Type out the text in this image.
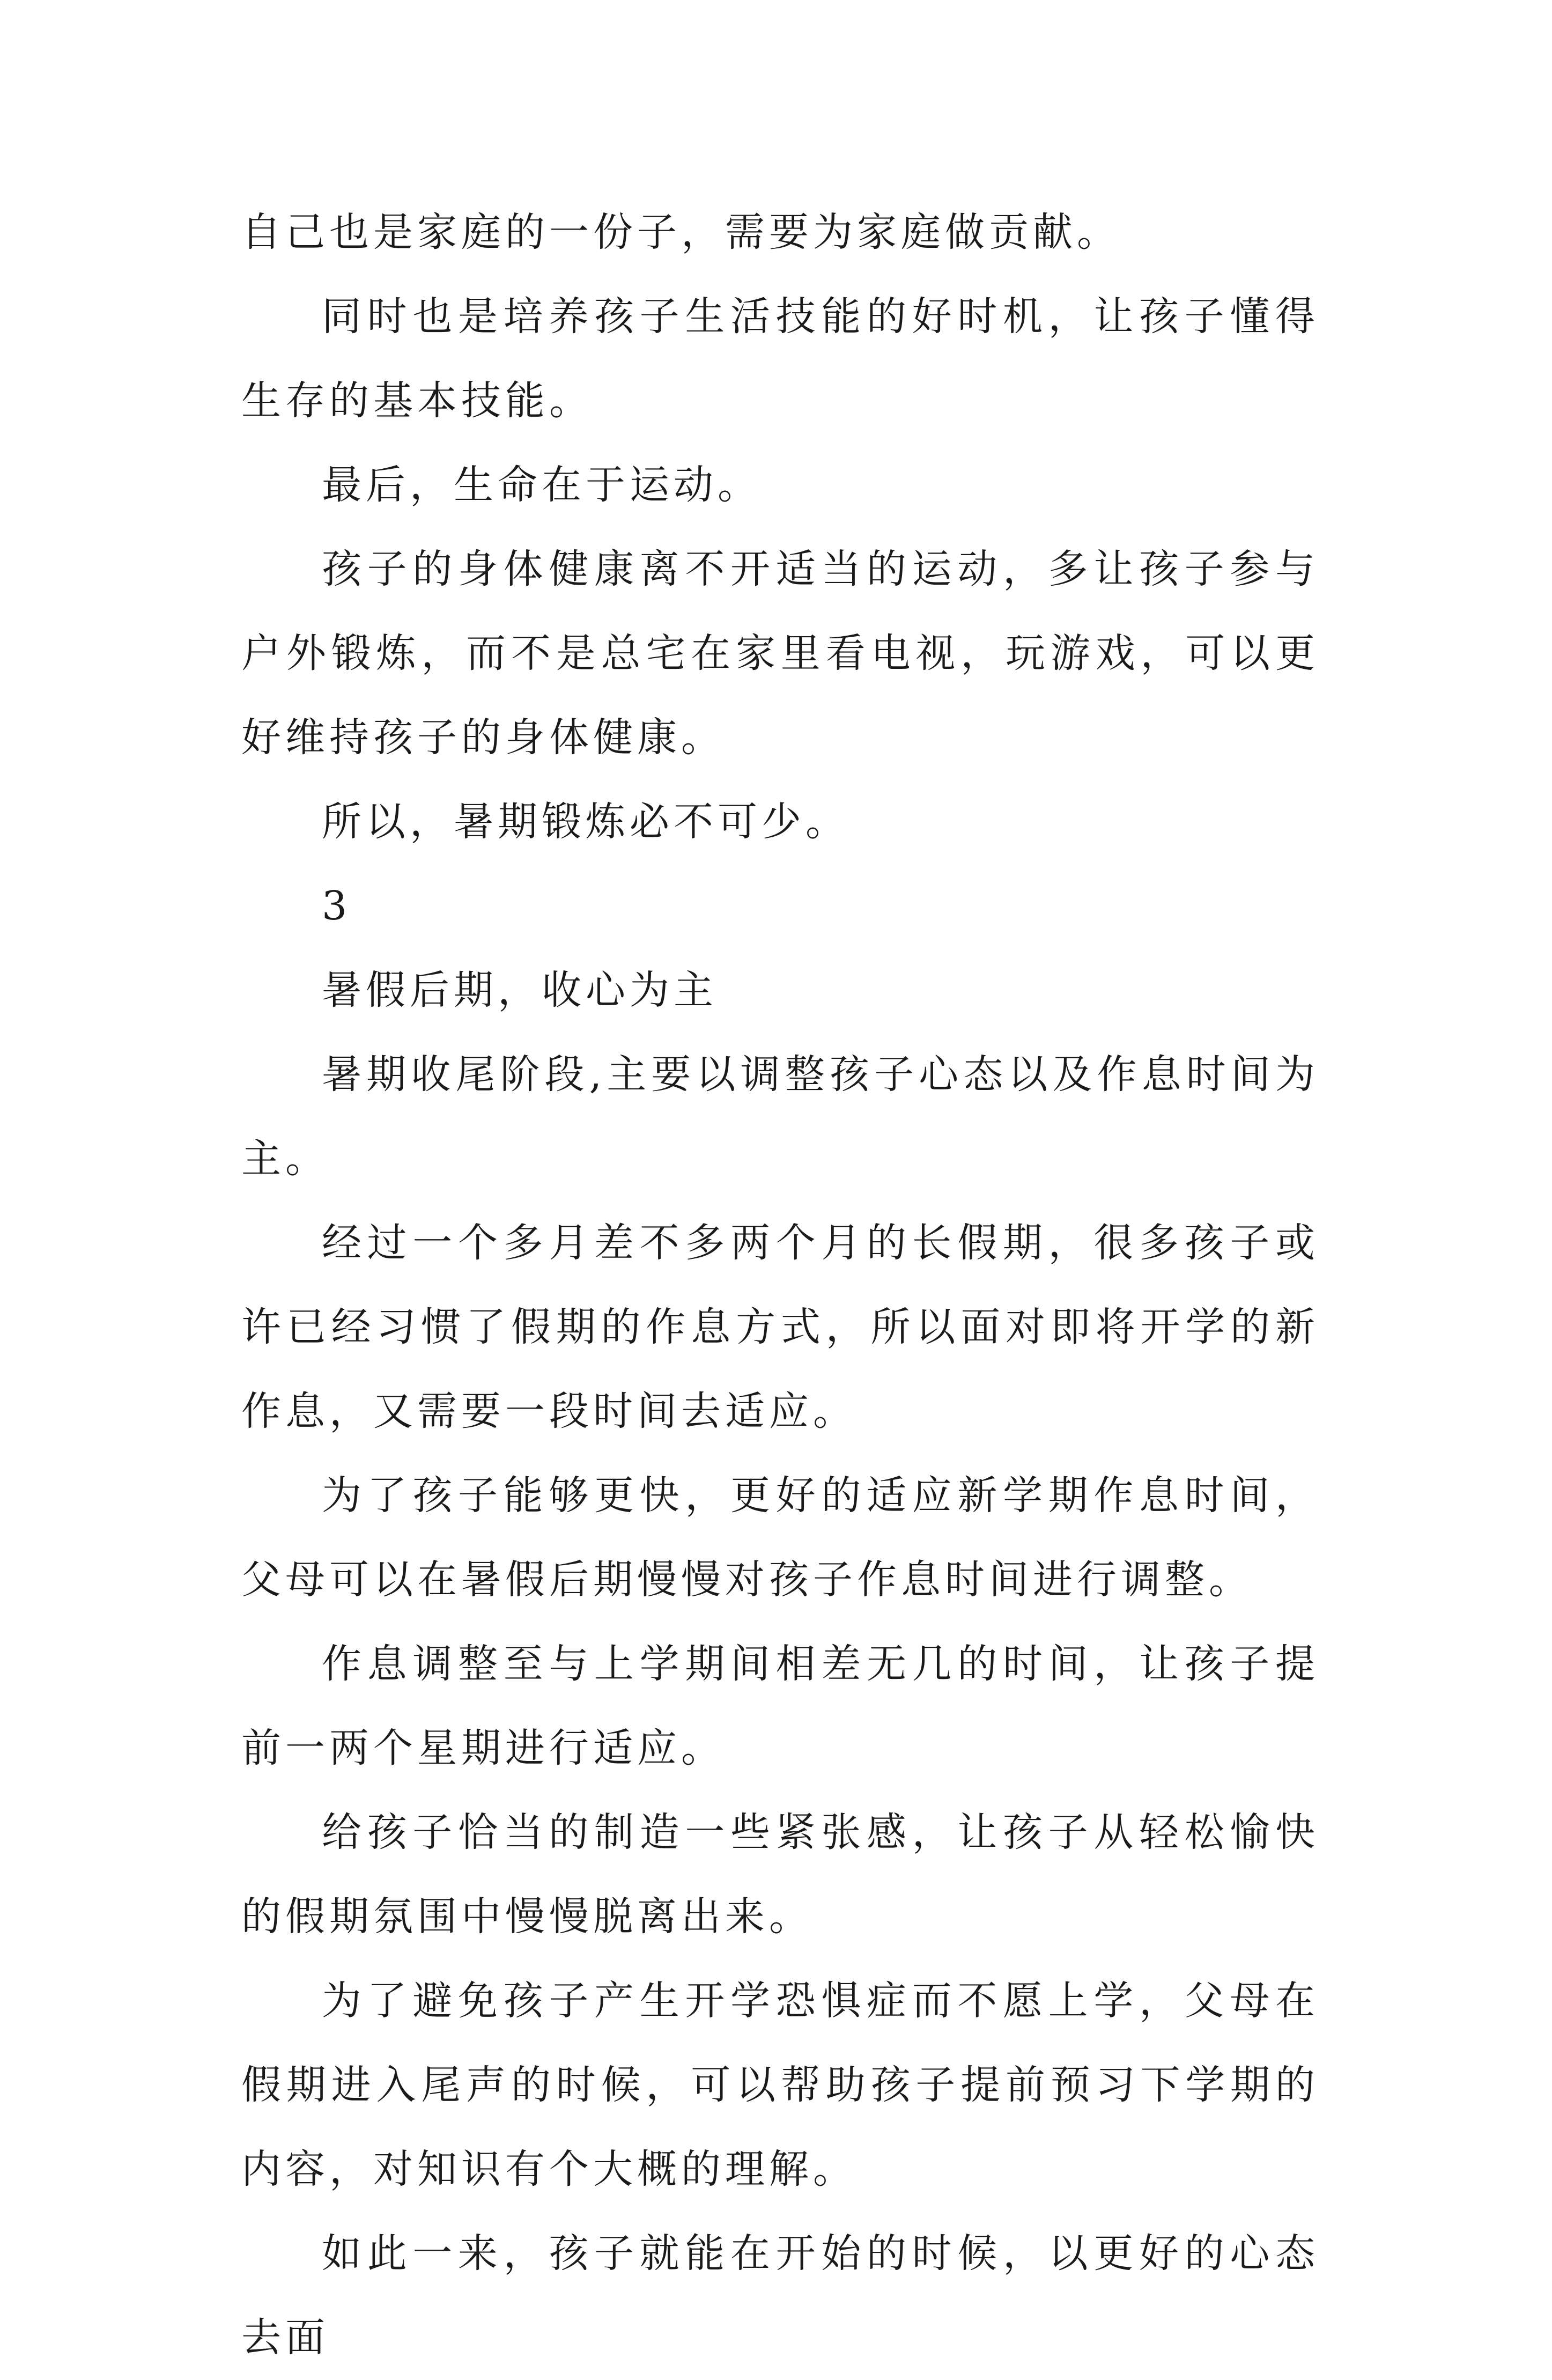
自己也是家庭的一份子，需要为家庭做贡献。

同时也是培养孩子生活技能的好时机，让孩子懂得生存的基本技能。

最后，生命在于运动。

孩子的身体健康离不开适当的运动，多让孩子参与户外锻炼，而不是总宅在家里看电视，玩游戏，可以更好维持孩子的身体健康。

所以，暑期锻炼必不可少。

3

暑假后期，收心为主

暑期收尾阶段,主要以调整孩子心态以及作息时间为主。

经过一个多月差不多两个月的长假期，很多孩子或许已经习惯了假期的作息方式，所以面对即将开学的新作息，又需要一段时间去适应。

为了孩子能够更快，更好的适应新学期作息时间，父母可以在暑假后期慢慢对孩子作息时间进行调整。

作息调整至与上学期间相差无几的时间，让孩子提前一两个星期进行适应。

给孩子恰当的制造一些紧张感，让孩子从轻松愉快的假期氛围中慢慢脱离出来。

为了避免孩子产生开学恐惧症而不愿上学，父母在假期进入尾声的时候，可以帮助孩子提前预习下学期的内容，对知识有个大概的理解。

如此一来，孩子就能在开始的时候，以更好的心态去面
